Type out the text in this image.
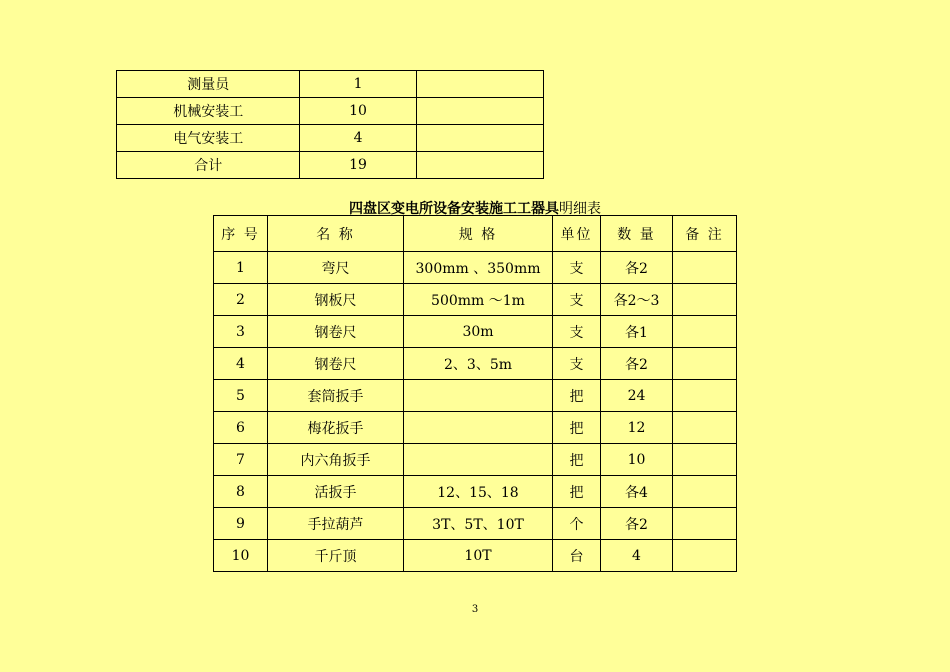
测量员	1	
机械安装工	10	
电气安装工	4	
合计	19	
四盘区变电所设备安装施工工器具明细表
序 号	名 称	规 格	单位	数 量	备 注
1	弯尺	300mm 、350mm	支	各2	
2	钢板尺	500mm ～1m	支	各2～3	
3	钢卷尺	30m	支	各1	
4	钢卷尺	2、3、5m	支	各2	
5	套筒扳手		把	24	
6	梅花扳手		把	12	
7	内六角扳手		把	10	
8	活扳手	12、15、18	把	各4	
9	手拉葫芦	3T、5T、10T	个	各2	
10	千斤顶	10T	台	4	
3
